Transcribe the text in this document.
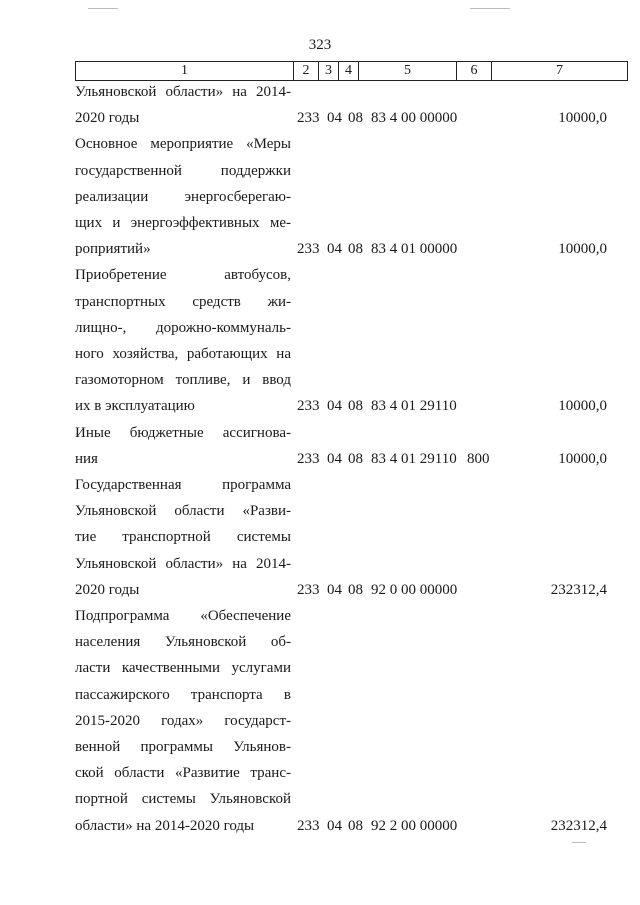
323
1	2	3	4	5	6	7
Ульяновской области» на 2014-
2020 годы	233 04 08 83 4 00 00000	10000,0
Основное мероприятие «Меры
государственной поддержки
реализации энергосберегаю-
щих и энергоэффективных ме-
роприятий»	233 04 08 83 4 01 00000	10000,0
Приобретение автобусов,
транспортных средств жи-
лищно-, дорожно-коммуналь-
ного хозяйства, работающих на
газомоторном топливе, и ввод
их в эксплуатацию	233 04 08 83 4 01 29110	10000,0
Иные бюджетные ассигнова-
ния	233 04 08 83 4 01 29110 800	10000,0
Государственная программа
Ульяновской области «Разви-
тие транспортной системы
Ульяновской области» на 2014-
2020 годы	233 04 08 92 0 00 00000	232312,4
Подпрограмма «Обеспечение
населения Ульяновской об-
ласти качественными услугами
пассажирского транспорта в
2015-2020 годах» государст-
венной программы Ульянов-
ской области «Развитие транс-
портной системы Ульяновской
области» на 2014-2020 годы	233 04 08 92 2 00 00000	232312,4
